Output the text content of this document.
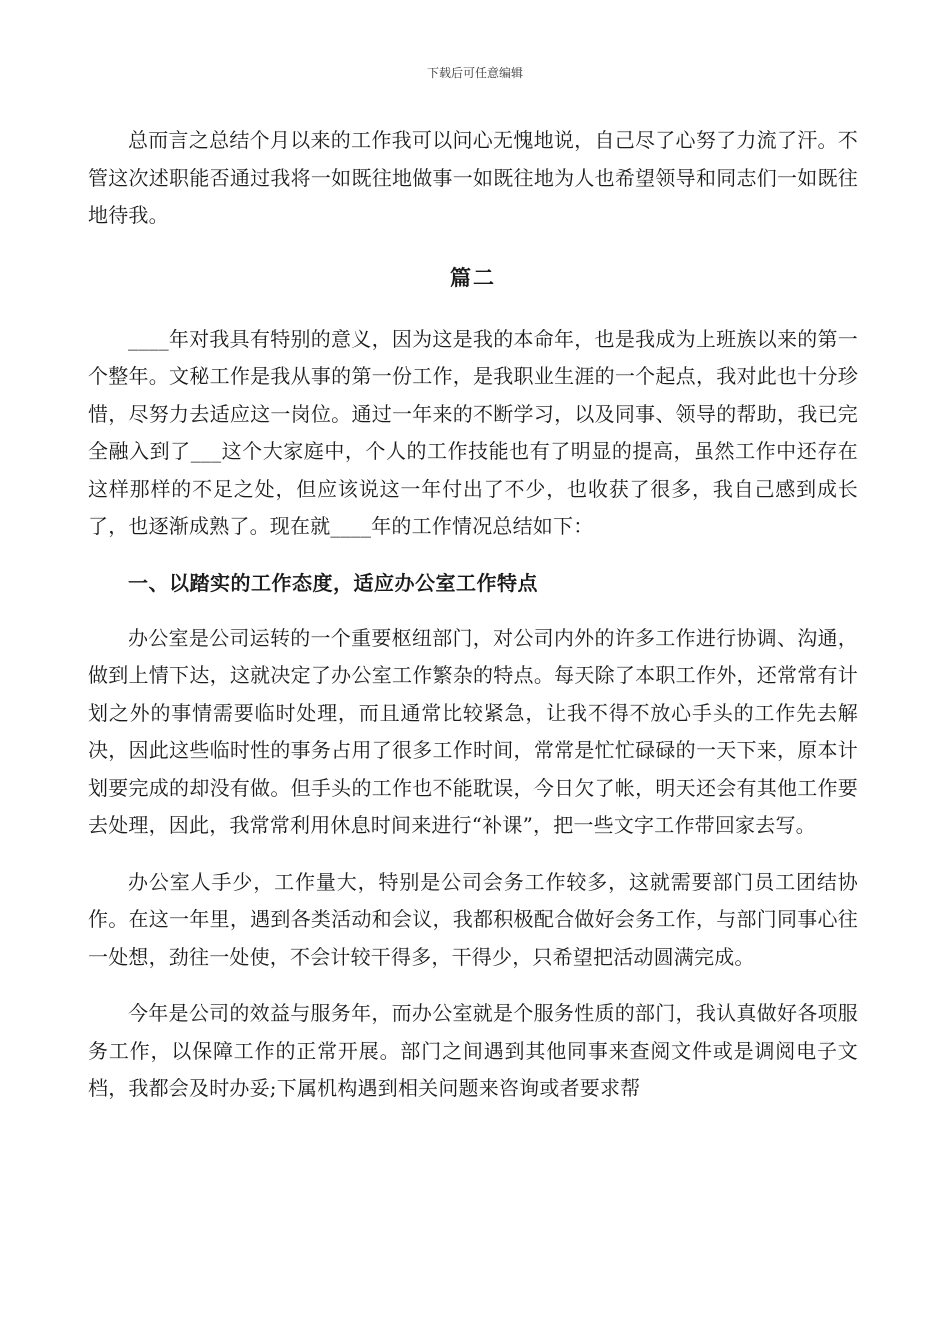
下载后可任意编辑

总而言之总结个月以来的工作我可以问心无愧地说，自己尽了心努了力流了汗。不管这次述职能否通过我将一如既往地做事一如既往地为人也希望领导和同志们一如既往地待我。

篇二

____年对我具有特别的意义，因为这是我的本命年，也是我成为上班族以来的第一个整年。文秘工作是我从事的第一份工作，是我职业生涯的一个起点，我对此也十分珍惜，尽努力去适应这一岗位。通过一年来的不断学习，以及同事、领导的帮助，我已完全融入到了___这个大家庭中，个人的工作技能也有了明显的提高，虽然工作中还存在这样那样的不足之处，但应该说这一年付出了不少，也收获了很多，我自己感到成长了，也逐渐成熟了。现在就____年的工作情况总结如下：

一、以踏实的工作态度，适应办公室工作特点

办公室是公司运转的一个重要枢纽部门，对公司内外的许多工作进行协调、沟通，做到上情下达，这就决定了办公室工作繁杂的特点。每天除了本职工作外，还常常有计划之外的事情需要临时处理，而且通常比较紧急，让我不得不放心手头的工作先去解决，因此这些临时性的事务占用了很多工作时间，常常是忙忙碌碌的一天下来，原本计划要完成的却没有做。但手头的工作也不能耽误，今日欠了帐，明天还会有其他工作要去处理，因此，我常常利用休息时间来进行“补课”，把一些文字工作带回家去写。

办公室人手少，工作量大，特别是公司会务工作较多，这就需要部门员工团结协作。在这一年里，遇到各类活动和会议，我都积极配合做好会务工作，与部门同事心往一处想，劲往一处使，不会计较干得多，干得少，只希望把活动圆满完成。

今年是公司的效益与服务年，而办公室就是个服务性质的部门，我认真做好各项服务工作，以保障工作的正常开展。部门之间遇到其他同事来查阅文件或是调阅电子文档，我都会及时办妥;下属机构遇到相关问题来咨询或者要求帮
